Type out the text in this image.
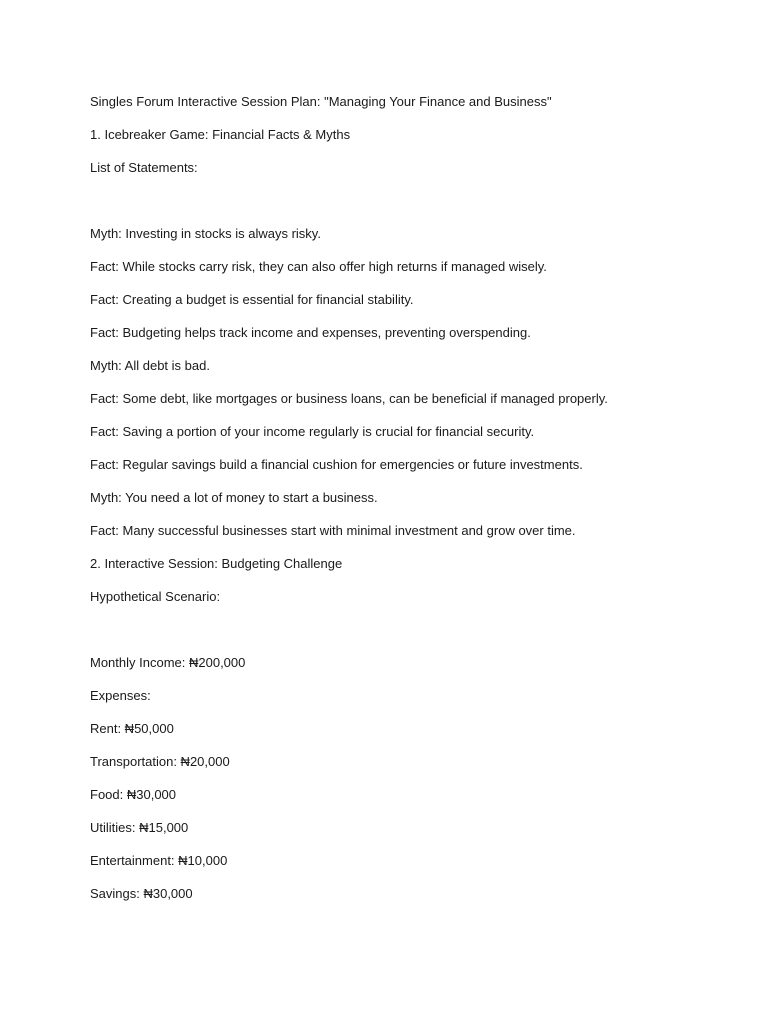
Singles Forum Interactive Session Plan: "Managing Your Finance and Business"
1. Icebreaker Game: Financial Facts & Myths
List of Statements:
Myth: Investing in stocks is always risky.
Fact: While stocks carry risk, they can also offer high returns if managed wisely.
Fact: Creating a budget is essential for financial stability.
Fact: Budgeting helps track income and expenses, preventing overspending.
Myth: All debt is bad.
Fact: Some debt, like mortgages or business loans, can be beneficial if managed properly.
Fact: Saving a portion of your income regularly is crucial for financial security.
Fact: Regular savings build a financial cushion for emergencies or future investments.
Myth: You need a lot of money to start a business.
Fact: Many successful businesses start with minimal investment and grow over time.
2. Interactive Session: Budgeting Challenge
Hypothetical Scenario:
Monthly Income: ₦200,000
Expenses:
Rent: ₦50,000
Transportation: ₦20,000
Food: ₦30,000
Utilities: ₦15,000
Entertainment: ₦10,000
Savings: ₦30,000
